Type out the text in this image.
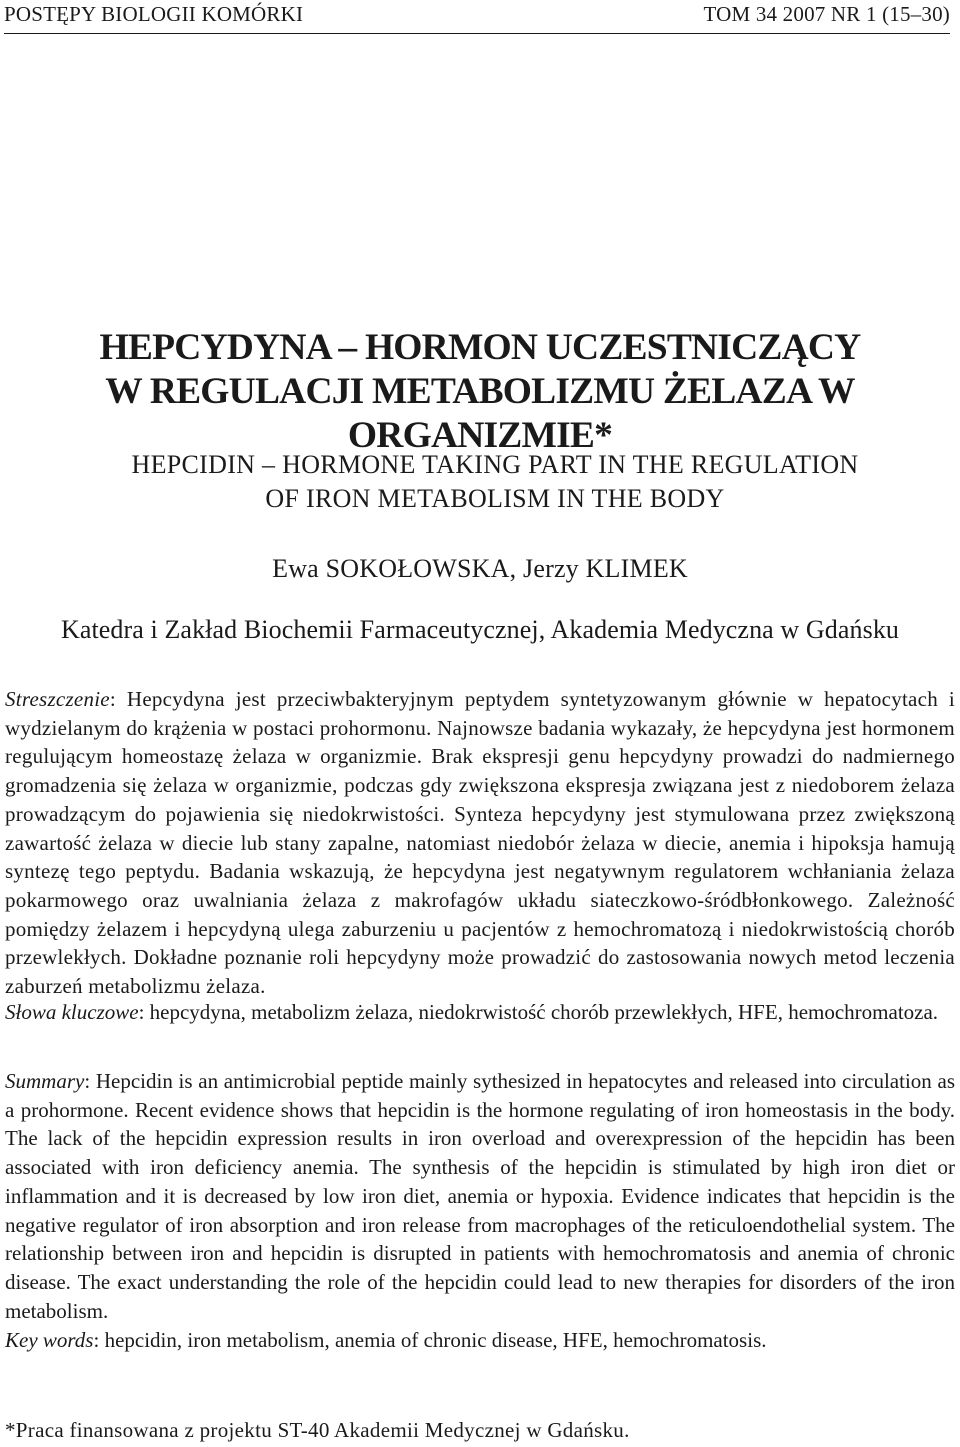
POSTĘPY BIOLOGII KOMÓRKI	TOM 34 2007 NR 1 (15–30)
HEPCYDYNA – HORMON UCZESTNICZĄCY
W REGULACJI METABOLIZMU ŻELAZA W ORGANIZMIE*
HEPCIDIN – HORMONE TAKING PART IN THE REGULATION
OF IRON METABOLISM IN THE BODY
Ewa SOKOŁOWSKA, Jerzy KLIMEK
Katedra i Zakład Biochemii Farmaceutycznej, Akademia Medyczna w Gdańsku

Streszczenie: Hepcydyna jest przeciwbakteryjnym peptydem syntetyzowanym głównie w hepatocytach i wydzielanym do krążenia w postaci prohormonu. Najnowsze badania wykazały, że hepcydyna jest hormonem regulującym homeostazę żelaza w organizmie. Brak ekspresji genu hepcydyny prowadzi do nadmiernego gromadzenia się żelaza w organizmie, podczas gdy zwiększona ekspresja związana jest z niedoborem żelaza prowadzącym do pojawienia się niedokrwistości. Synteza hepcydyny jest stymulowana przez zwiększoną zawartość żelaza w diecie lub stany zapalne, natomiast niedobór żelaza w diecie, anemia i hipoksja hamują syntezę tego peptydu. Badania wskazują, że hepcydyna jest negatywnym regulatorem wchłaniania żelaza pokarmowego oraz uwalniania żelaza z makrofagów układu siateczkowo-śródbłonkowego. Zależność pomiędzy żelazem i hepcydyną ulega zaburzeniu u pacjentów z hemochromatozą i niedokrwistością chorób przewlekłych. Dokładne poznanie roli hepcydyny może prowadzić do zastosowania nowych metod leczenia zaburzeń metabolizmu żelaza.

Słowa kluczowe: hepcydyna, metabolizm żelaza, niedokrwistość chorób przewlekłych, HFE, hemochromatoza.

Summary: Hepcidin is an antimicrobial peptide mainly sythesized in hepatocytes and released into circulation as a prohormone. Recent evidence shows that hepcidin is the hormone regulating of iron homeostasis in the body. The lack of the hepcidin expression results in iron overload and overexpression of the hepcidin has been associated with iron deficiency anemia. The synthesis of the hepcidin is stimulated by high iron diet or inflammation and it is decreased by low iron diet, anemia or hypoxia. Evidence indicates that hepcidin is the negative regulator of iron absorption and iron release from macrophages of the reticuloendothelial system. The relationship between iron and hepcidin is disrupted in patients with hemochromatosis and anemia of chronic disease. The exact understanding the role of the hepcidin could lead to new therapies for disorders of the iron metabolism.

Key words: hepcidin, iron metabolism, anemia of chronic disease, HFE, hemochromatosis.

*Praca finansowana z projektu ST-40 Akademii Medycznej w Gdańsku.
